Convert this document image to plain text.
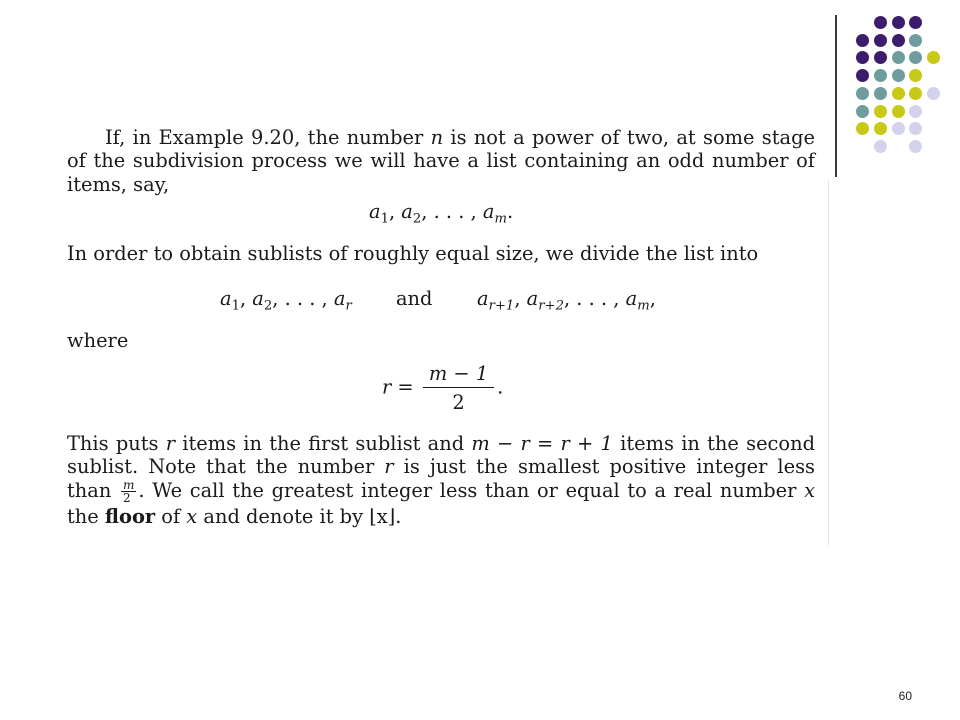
If, in Example 9.20, the number n is not a power of two, at some stage of the subdivision process we will have a list containing an odd number of items, say,
$a_1$, $a_2$, . . . , $a_m$.
In order to obtain sublists of roughly equal size, we divide the list into
$a_1$, $a_2$, . . . , $a_r$ and $a_{r+1}$, $a_{r+2}$, . . . , $a_m$,
where
$r = \frac{m - 1}{2}$ .
This puts r items in the first sublist and m − r = r + 1 items in the second sublist. Note that the number r is just the smallest positive integer less than $\frac{m}{2}$ . We call the greatest integer less than or equal to a real number x the floor of x and denote it by ⌊x⌋.
60
